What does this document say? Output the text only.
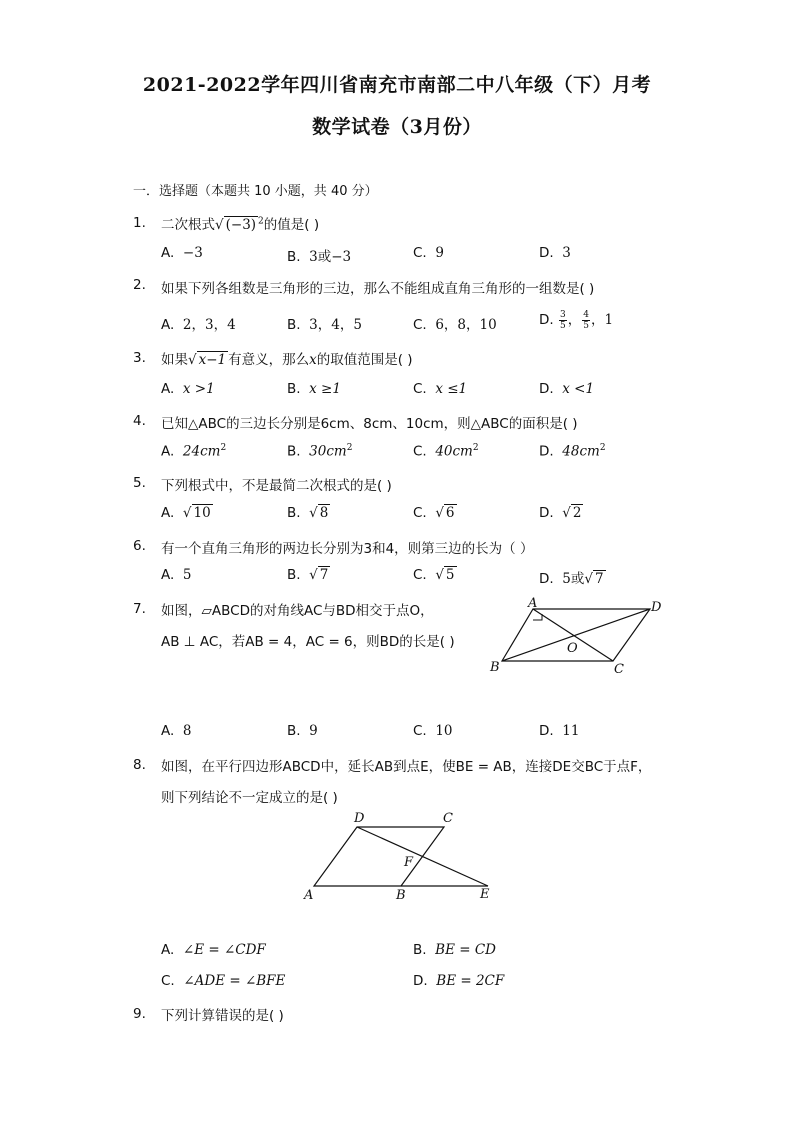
2021-2022学年四川省南充市南部二中八年级（下）月考
数学试卷（3月份）
一．选择题（本题共 10 小题，共 40 分）
1. 二次根式√ (−3) $^2$的值是( )
A. −3	B. 3或−3	C. 9	D. 3
2. 如果下列各组数是三角形的三边，那么不能组成直角三角形的一组数是( )
A. 2，3，4	B. 3，4，5	C. 6，8，10	D. $\frac{3}{5}$ ， $\frac{4}{5}$ ，1
3. 如果√ x−1 有意义，那么x的取值范围是( )
A. x >1	B. x ≥1	C. x ≤1	D. x <1
4. 已知△ABC的三边长分别是6cm、8cm、10cm，则△ABC的面积是( )
A. $24cm^2$	B. $30cm^2$	C. $40cm^2$	D. $48cm^2$
5. 下列根式中，不是最简二次根式的是( )
A. √ 10	B. √ 8	C. √ 6	D. √ 2
6. 有一个直角三角形的两边长分别为3和4，则第三边的长为（ ）
A. 5	B. √ 7	C. √ 5	D. 5或√ 7
7. 如图，▱ABCD的对角线AC与BD相交于点O，
AB ⊥ AC，若AB = 4，AC = 6，则BD的长是( )
A	D
B	C
O
A. 8	B. 9	C. 10	D. 11
8. 如图，在平行四边形ABCD中，延长AB到点E，使BE = AB，连接DE交BC于点F，
则下列结论不一定成立的是( )
D	C
F
A	B	E
A. ∠E = ∠CDF	B. BE = CD
C. ∠ADE = ∠BFE	D. BE = 2CF
9. 下列计算错误的是( )
